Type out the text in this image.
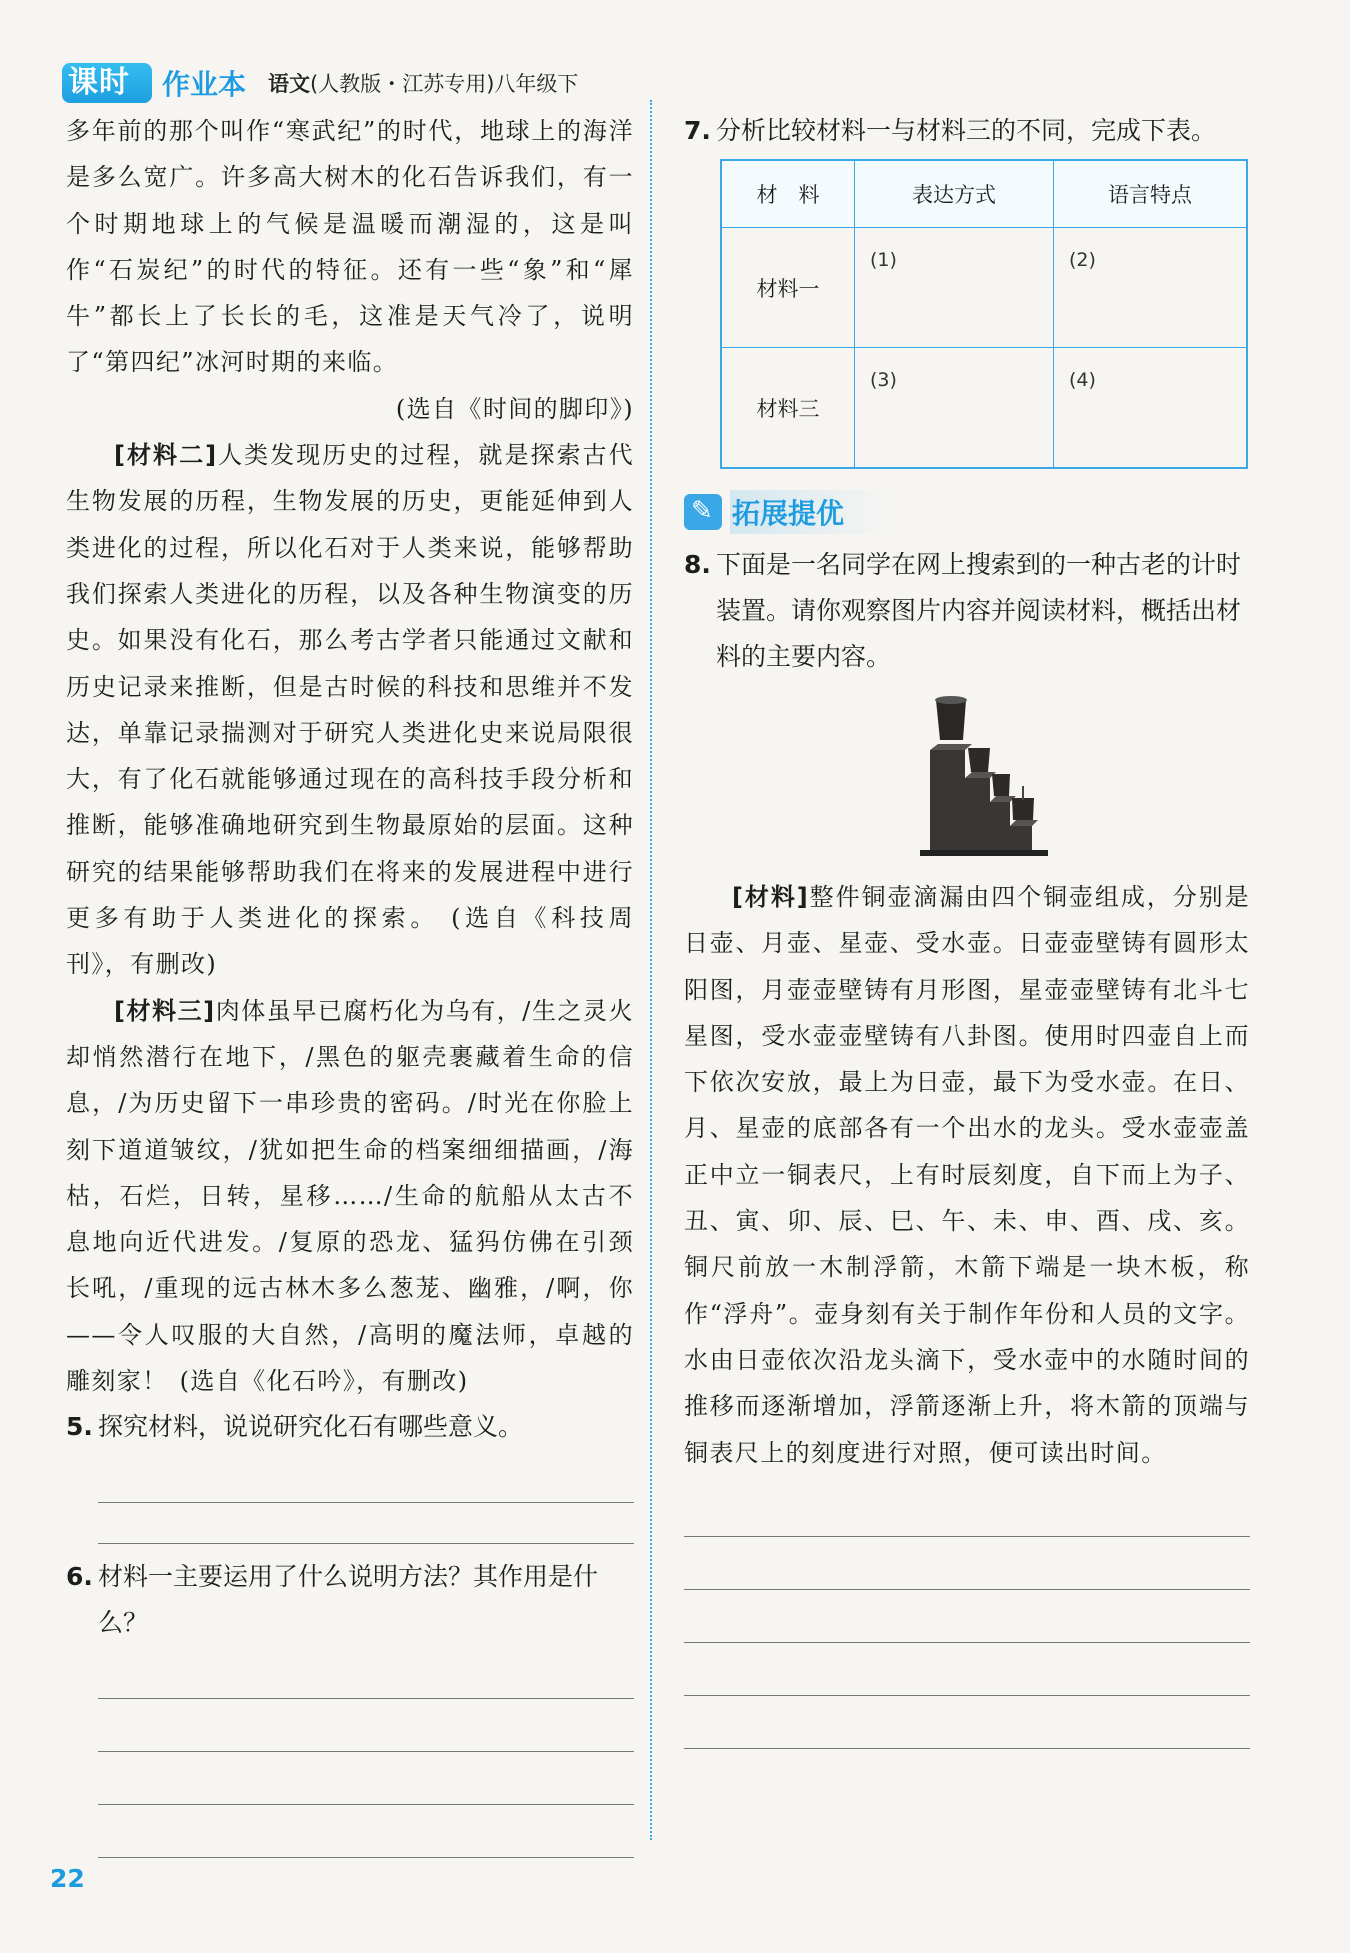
课时 作业本 语文(人教版・江苏专用)八年级下

多年前的那个叫作“寒武纪”的时代，地球上的海洋是多么宽广。许多高大树木的化石告诉我们，有一个时期地球上的气候是温暖而潮湿的，这是叫作“石炭纪”的时代的特征。还有一些“象”和“犀牛”都长上了长长的毛，这准是天气冷了，说明了“第四纪”冰河时期的来临。

(选自《时间的脚印》)

[材料二]人类发现历史的过程，就是探索古代生物发展的历程，生物发展的历史，更能延伸到人类进化的过程，所以化石对于人类来说，能够帮助我们探索人类进化的历程，以及各种生物演变的历史。如果没有化石，那么考古学者只能通过文献和历史记录来推断，但是古时候的科技和思维并不发达，单靠记录揣测对于研究人类进化史来说局限很大，有了化石就能够通过现在的高科技手段分析和推断，能够准确地研究到生物最原始的层面。这种研究的结果能够帮助我们在将来的发展进程中进行更多有助于人类进化的探索。 (选自《科技周刊》，有删改)

[材料三]肉体虽早已腐朽化为乌有，/生之灵火却悄然潜行在地下，/黑色的躯壳裹藏着生命的信息，/为历史留下一串珍贵的密码。/时光在你脸上刻下道道皱纹，/犹如把生命的档案细细描画，/海枯，石烂，日转，星移……/生命的航船从太古不息地向近代进发。/复原的恐龙、猛犸仿佛在引颈长吼，/重现的远古林木多么葱茏、幽雅，/啊，你——令人叹服的大自然，/高明的魔法师，卓越的雕刻家！ (选自《化石吟》，有删改)

5. 探究材料，说说研究化石有哪些意义。
6. 材料一主要运用了什么说明方法？其作用是什么？
7. 分析比较材料一与材料三的不同，完成下表。
材　料	表达方式	语言特点
材料一	(1)	(2)

材料三	(3)	(4)
✎ 拓展提优
8. 下面是一名同学在网上搜索到的一种古老的计时装置。请你观察图片内容并阅读材料，概括出材料的主要内容。

[材料]整件铜壶滴漏由四个铜壶组成，分别是日壶、月壶、星壶、受水壶。日壶壶壁铸有圆形太阳图，月壶壶壁铸有月形图，星壶壶壁铸有北斗七星图，受水壶壶壁铸有八卦图。使用时四壶自上而下依次安放，最上为日壶，最下为受水壶。在日、月、星壶的底部各有一个出水的龙头。受水壶壶盖正中立一铜表尺，上有时辰刻度，自下而上为子、丑、寅、卯、辰、巳、午、未、申、酉、戌、亥。铜尺前放一木制浮箭，木箭下端是一块木板，称作“浮舟”。壶身刻有关于制作年份和人员的文字。水由日壶依次沿龙头滴下，受水壶中的水随时间的推移而逐渐增加，浮箭逐渐上升，将木箭的顶端与铜表尺上的刻度进行对照，便可读出时间。

22
